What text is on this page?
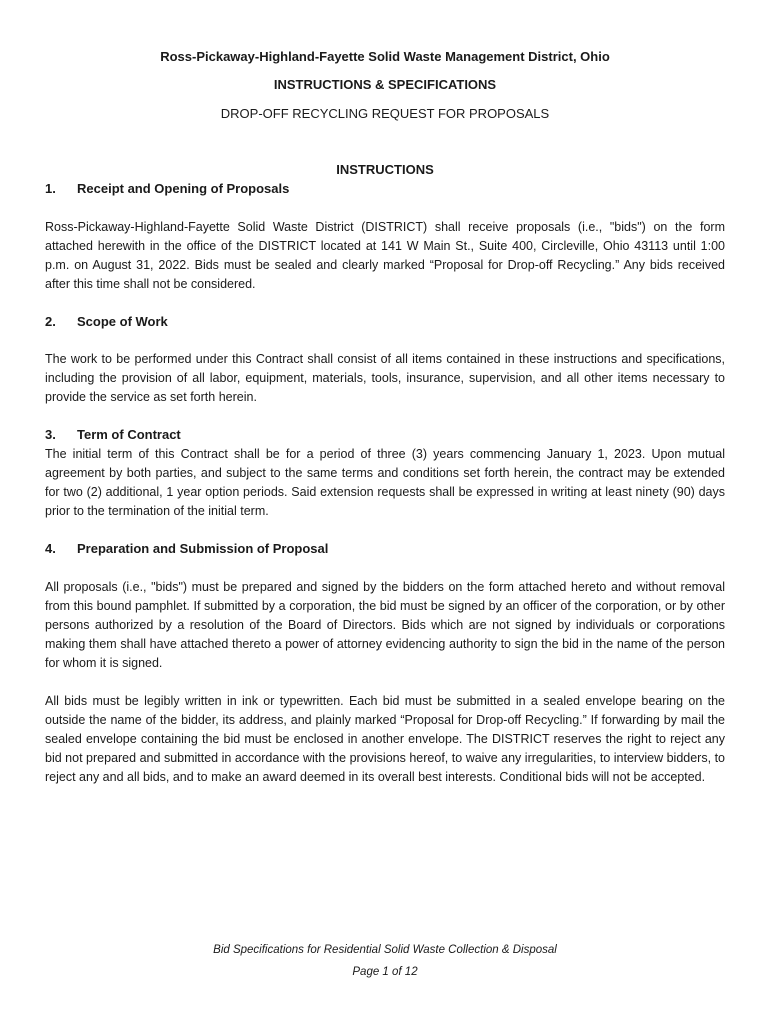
Ross-Pickaway-Highland-Fayette Solid Waste Management District, Ohio
INSTRUCTIONS & SPECIFICATIONS
DROP-OFF RECYCLING REQUEST FOR PROPOSALS
INSTRUCTIONS
1. Receipt and Opening of Proposals

Ross-Pickaway-Highland-Fayette Solid Waste District (DISTRICT) shall receive proposals (i.e., "bids") on the form attached herewith in the office of the DISTRICT located at 141 W Main St., Suite 400, Circleville, Ohio 43113 until 1:00 p.m. on August 31, 2022. Bids must be sealed and clearly marked “Proposal for Drop-off Recycling.” Any bids received after this time shall not be considered.

2. Scope of Work

The work to be performed under this Contract shall consist of all items contained in these instructions and specifications, including the provision of all labor, equipment, materials, tools, insurance, supervision, and all other items necessary to provide the service as set forth herein.

3. Term of Contract

The initial term of this Contract shall be for a period of three (3) years commencing January 1, 2023. Upon mutual agreement by both parties, and subject to the same terms and conditions set forth herein, the contract may be extended for two (2) additional, 1 year option periods. Said extension requests shall be expressed in writing at least ninety (90) days prior to the termination of the initial term.

4. Preparation and Submission of Proposal

All proposals (i.e., "bids") must be prepared and signed by the bidders on the form attached hereto and without removal from this bound pamphlet. If submitted by a corporation, the bid must be signed by an officer of the corporation, or by other persons authorized by a resolution of the Board of Directors. Bids which are not signed by individuals or corporations making them shall have attached thereto a power of attorney evidencing authority to sign the bid in the name of the person for whom it is signed.

All bids must be legibly written in ink or typewritten. Each bid must be submitted in a sealed envelope bearing on the outside the name of the bidder, its address, and plainly marked “Proposal for Drop-off Recycling.” If forwarding by mail the sealed envelope containing the bid must be enclosed in another envelope. The DISTRICT reserves the right to reject any bid not prepared and submitted in accordance with the provisions hereof, to waive any irregularities, to interview bidders, to reject any and all bids, and to make an award deemed in its overall best interests. Conditional bids will not be accepted.

Bid Specifications for Residential Solid Waste Collection & Disposal
Page 1 of 12
